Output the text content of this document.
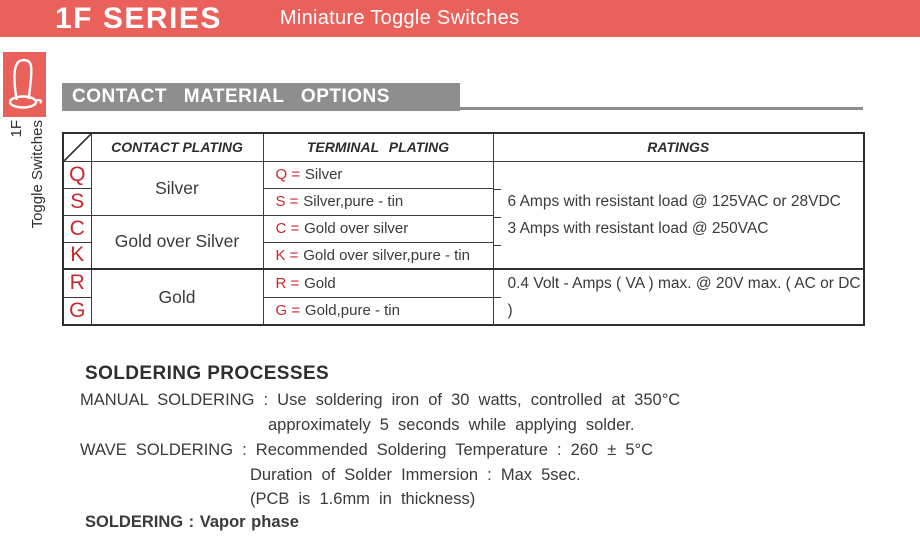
1F SERIES	Miniature Toggle Switches
1F Toggle Switches
CONTACT MATERIAL OPTIONS
	CONTACT PLATING	TERMINAL PLATING	RATINGS
Q	Silver	Q = Silver	6 Amps with resistant load @ 125VAC or 28VDC
3 Amps with resistant load @ 250VAC

S		S = Silver,pure - tin	
C	Gold over Silver	C = Gold over silver	
K		K = Gold over silver,pure - tin	
R	Gold	R = Gold	0.4 Volt - Amps ( VA ) max. @ 20V max. ( AC or DC )

G		G = Gold,pure - tin	
SOLDERING PROCESSES
MANUAL SOLDERING : Use soldering iron of 30 watts, controlled at 350°C
approximately 5 seconds while applying solder.
WAVE SOLDERING : Recommended Soldering Temperature : 260 ± 5°C
Duration of Solder Immersion : Max 5sec.
(PCB is 1.6mm in thickness)
SOLDERING : Vapor phase
